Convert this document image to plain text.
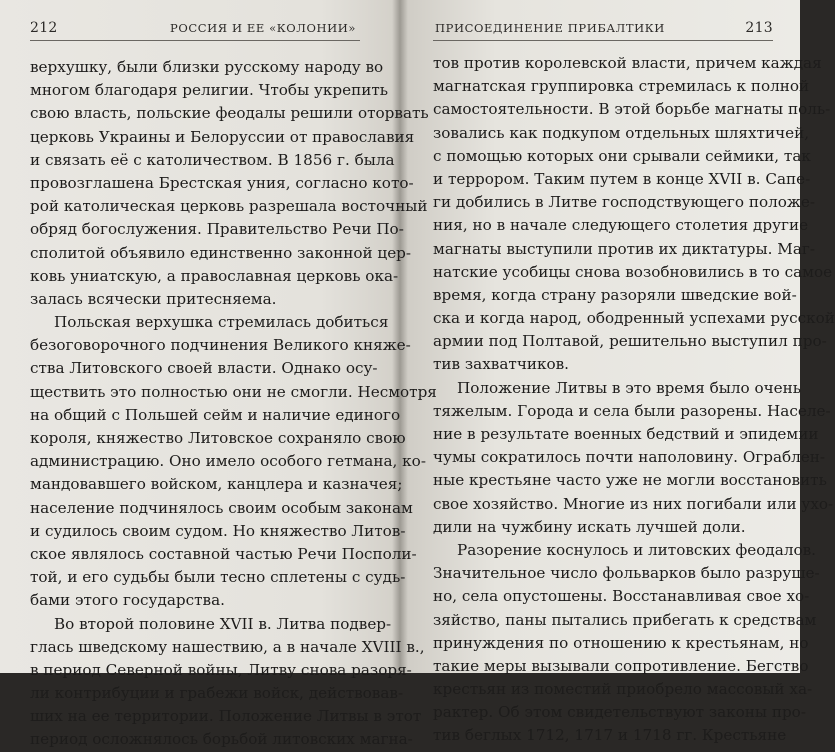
212	РОССИЯ И ЕЕ «КОЛОНИИ»
верхушку, были близки русскому народу во
многом благодаря религии. Чтобы укрепить
свою власть, польские феодалы решили оторвать
церковь Украины и Белоруссии от православия
и связать её с католичеством. В 1856 г. была
провозглашена Брестская уния, согласно кото-
рой католическая церковь разрешала восточный
обряд богослужения. Правительство Речи По-
сполитой объявило единственно законной цер-
ковь униатскую, а православная церковь ока-
залась всячески притесняема.
Польская верхушка стремилась добиться
безоговорочного подчинения Великого княже-
ства Литовского своей власти. Однако осу-
ществить это полностью они не смогли. Несмотря
на общий с Польшей сейм и наличие единого
короля, княжество Литовское сохраняло свою
администрацию. Оно имело особого гетмана, ко-
мандовавшего войском, канцлера и казначея;
население подчинялось своим особым законам
и судилось своим судом. Но княжество Литов-
ское являлось составной частью Речи Посполи-
той, и его судьбы были тесно сплетены с судь-
бами этого государства.
Во второй половине XVII в. Литва подвер-
глась шведскому нашествию, а в начале XVIII в.,
в период Северной войны, Литву снова разоря-
ли контрибуции и грабежи войск, действовав-
ших на ее территории. Положение Литвы в этот
период осложнялось борьбой литовских магна-
ПРИСОЕДИНЕНИЕ ПРИБАЛТИКИ	213
тов против королевской власти, причем каждая
магнатская группировка стремилась к полной
самостоятельности. В этой борьбе магнаты поль-
зовались как подкупом отдельных шляхтичей,
с помощью которых они срывали сеймики, так
и террором. Таким путем в конце XVII в. Сапе-
ги добились в Литве господствующего положе-
ния, но в начале следующего столетия другие
магнаты выступили против их диктатуры. Маг-
натские усобицы снова возобновились в то самое
время, когда страну разоряли шведские вой-
ска и когда народ, ободренный успехами русской
армии под Полтавой, решительно выступил про-
тив захватчиков.
Положение Литвы в это время было очень
тяжелым. Города и села были разорены. Населе-
ние в результате военных бедствий и эпидемии
чумы сократилось почти наполовину. Ограблен-
ные крестьяне часто уже не могли восстановить
свое хозяйство. Многие из них погибали или ухо-
дили на чужбину искать лучшей доли.
Разорение коснулось и литовских феодалов.
Значительное число фольварков было разруше-
но, села опустошены. Восстанавливая свое хо-
зяйство, паны пытались прибегать к средствам
принуждения по отношению к крестьянам, но
такие меры вызывали сопротивление. Бегство
крестьян из поместий приобрело массовый ха-
рактер. Об этом свидетельствуют законы про-
тив беглых 1712, 1717 и 1718 гг. Крестьяне
